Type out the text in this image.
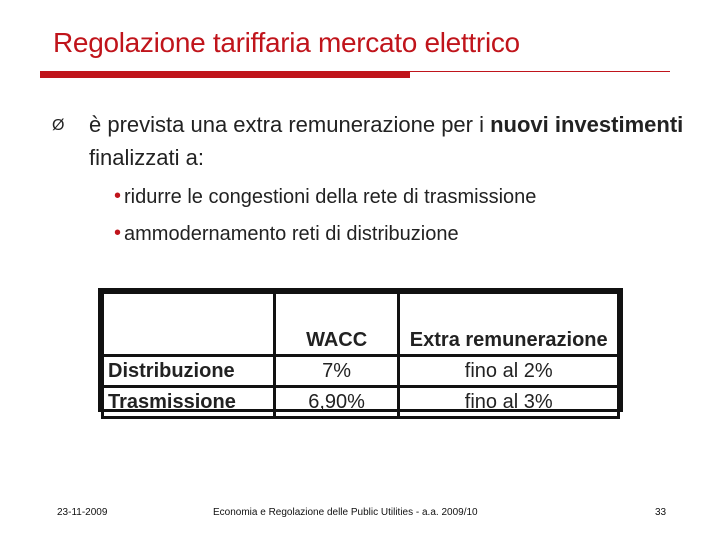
Regolazione tariffaria mercato elettrico
Ø è prevista una extra remunerazione per i nuovi investimenti finalizzati a:
• ridurre le congestioni della rete di trasmissione
• ammodernamento reti di distribuzione
	WACC	Extra remunerazione
Distribuzione	7%	fino al 2%
Trasmissione	6,90%	fino al 3%
23-11-2009	Economia e Regolazione delle Public Utilities - a.a. 2009/10	33
